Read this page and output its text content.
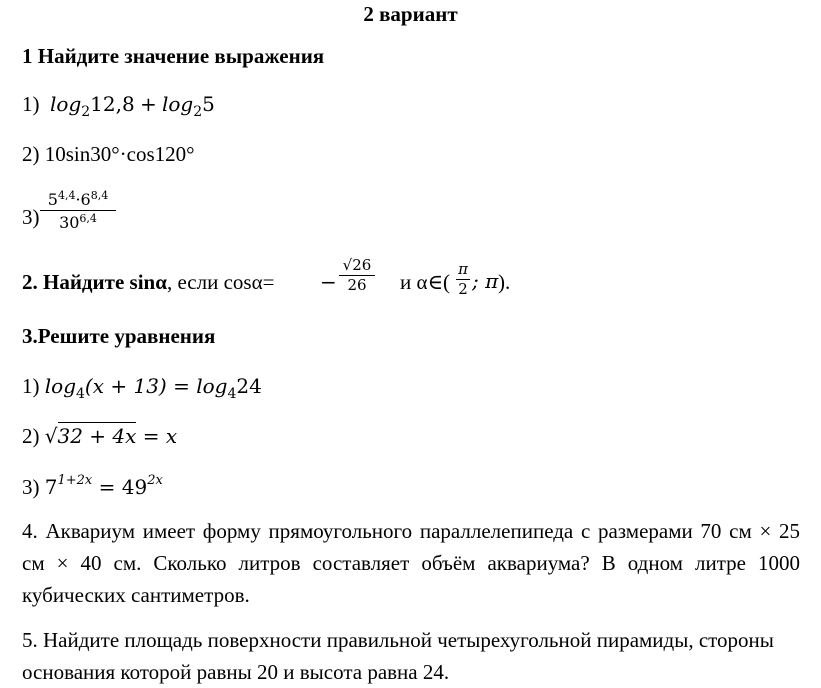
2 вариант
1 Найдите значение выражения
1) $\log_212,8 + \log_25$
2) 10sin30°·cos120°
3)
$5^{4,4}\cdot 6^{8,4}$
30$^{6,4}$
2. Найдите sinα, если cosα= −
√26
26	и α∈(
π
2 ; π ).
3.Решите уравнения
1) $\log_4(x + 13) = \log_424$
2) √32 + 4x = x
3) $7^{1+2x} = 49^{2x}$
4. Аквариум имеет форму прямоугольного параллелепипеда с размерами 70 см × 25 см × 40 см. Сколько литров составляет объём аквариума? В одном литре 1000 кубических сантиметров.
5. Найдите площадь поверхности правильной четырехугольной пирамиды, стороны основания которой равны 20 и высота равна 24.
